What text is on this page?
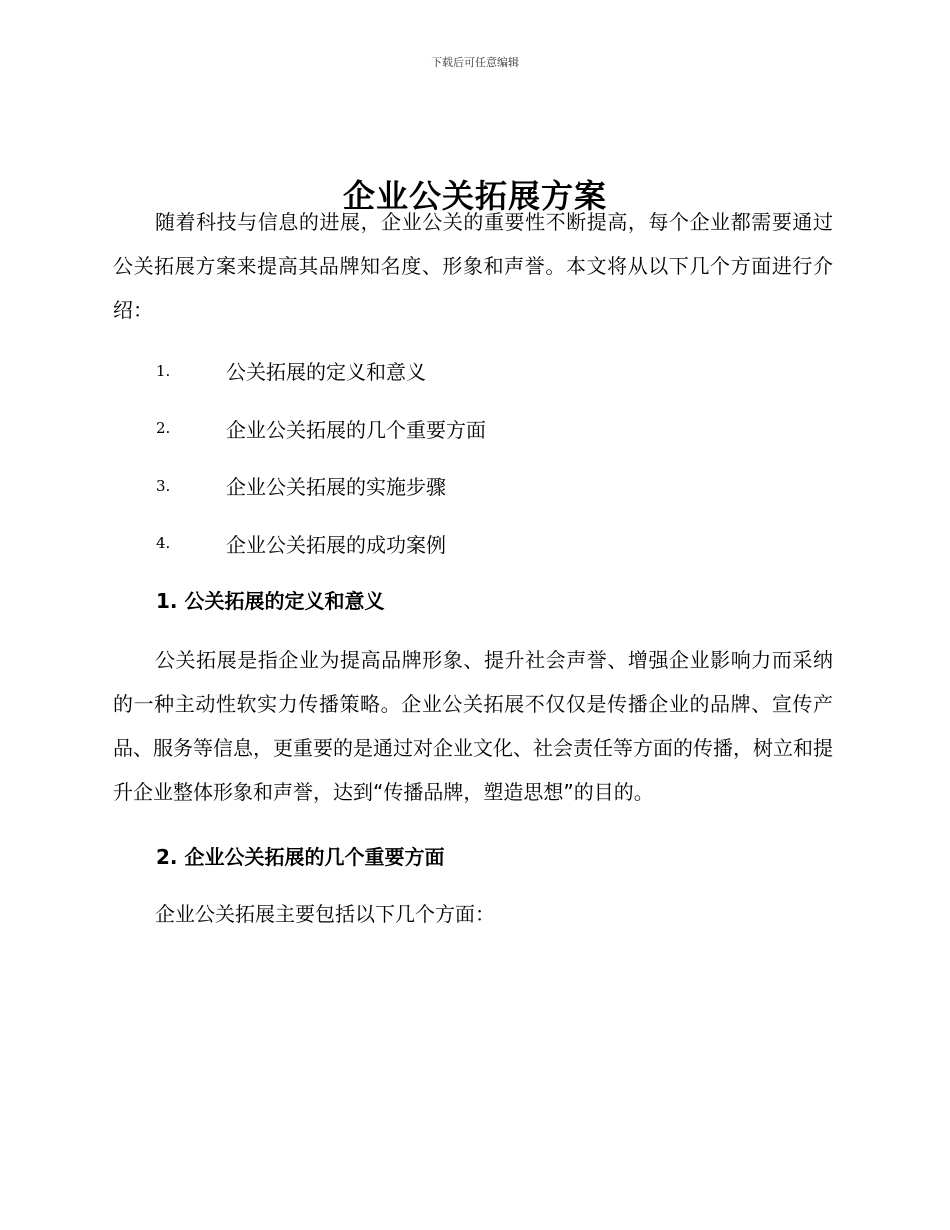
下载后可任意编辑
企业公关拓展方案

随着科技与信息的进展，企业公关的重要性不断提高，每个企业都需要通过公关拓展方案来提高其品牌知名度、形象和声誉。本文将从以下几个方面进行介绍：

1.	公关拓展的定义和意义
2.	企业公关拓展的几个重要方面
3.	企业公关拓展的实施步骤
4.	企业公关拓展的成功案例
1. 公关拓展的定义和意义

公关拓展是指企业为提高品牌形象、提升社会声誉、增强企业影响力而采纳的一种主动性软实力传播策略。企业公关拓展不仅仅是传播企业的品牌、宣传产品、服务等信息，更重要的是通过对企业文化、社会责任等方面的传播，树立和提升企业整体形象和声誉，达到“传播品牌，塑造思想”的目的。

2. 企业公关拓展的几个重要方面

企业公关拓展主要包括以下几个方面：
